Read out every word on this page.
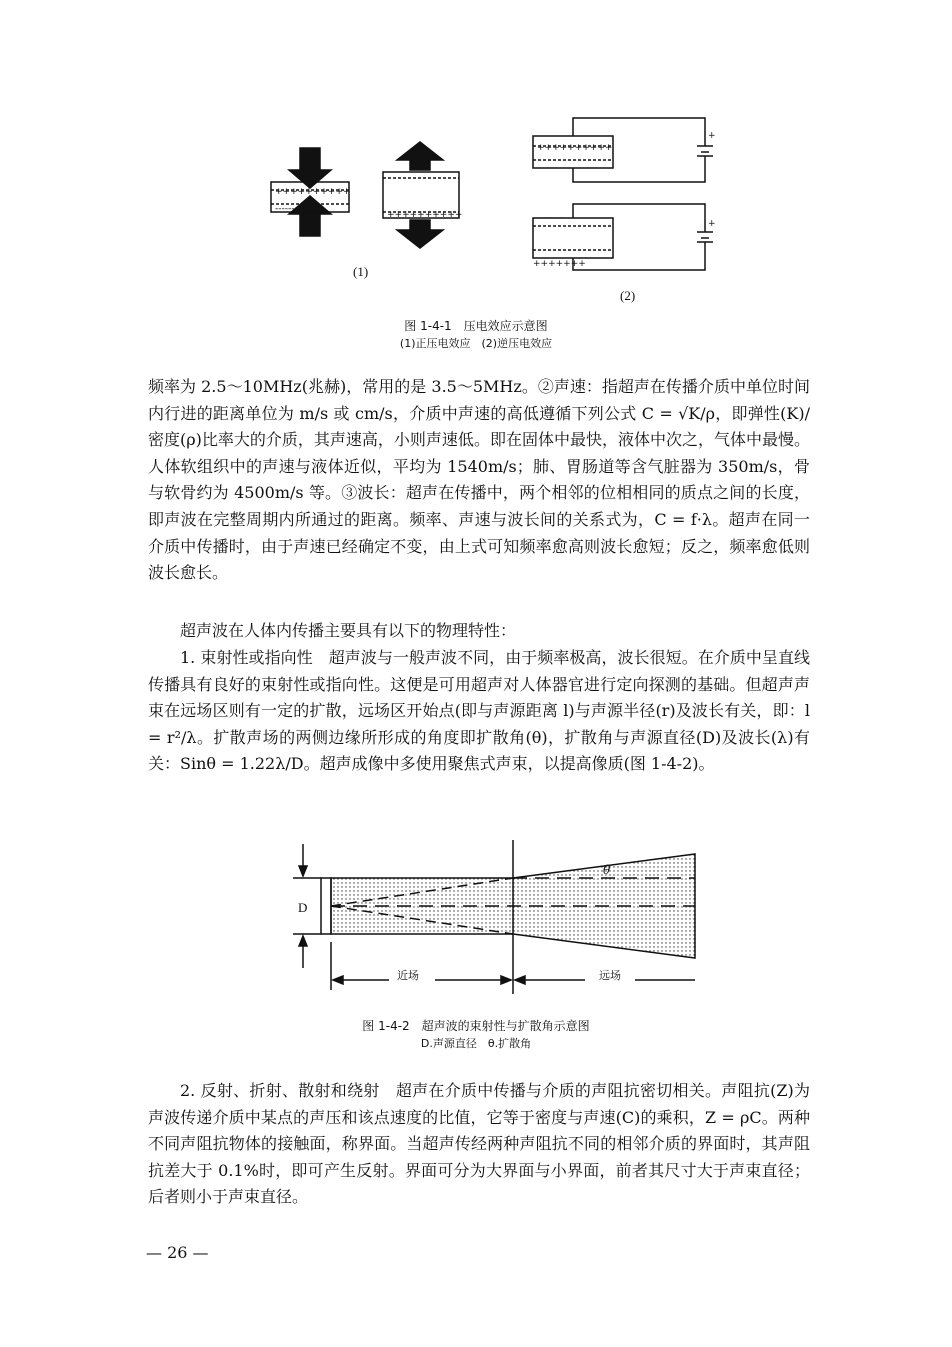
++++++++++
----------
++++++++++
++++++++++
+
----------
+++++++
+
(1)
(2)
图 1-4-1　压电效应示意图
(1)正压电效应　(2)逆压电效应

频率为 2.5～10MHz(兆赫)，常用的是 3.5～5MHz。②声速：指超声在传播介质中单位时间内行进的距离单位为 m/s 或 cm/s，介质中声速的高低遵循下列公式 C = √K/ρ，即弹性(K)/密度(ρ)比率大的介质，其声速高，小则声速低。即在固体中最快，液体中次之，气体中最慢。人体软组织中的声速与液体近似，平均为 1540m/s；肺、胃肠道等含气脏器为 350m/s，骨与软骨约为 4500m/s 等。③波长：超声在传播中，两个相邻的位相相同的质点之间的长度，即声波在完整周期内所通过的距离。频率、声速与波长间的关系式为，C = f·λ。超声在同一介质中传播时，由于声速已经确定不变，由上式可知频率愈高则波长愈短；反之，频率愈低则波长愈长。

超声波在人体内传播主要具有以下的物理特性：

1. 束射性或指向性　超声波与一般声波不同，由于频率极高，波长很短。在介质中呈直线传播具有良好的束射性或指向性。这便是可用超声对人体器官进行定向探测的基础。但超声声束在远场区则有一定的扩散，远场区开始点(即与声源距离 l)与声源半径(r)及波长有关，即：l = r²/λ。扩散声场的两侧边缘所形成的角度即扩散角(θ)，扩散角与声源直径(D)及波长(λ)有关：Sinθ = 1.22λ/D。超声成像中多使用聚焦式声束，以提高像质(图 1-4-2)。

θ
D
近场	远场
图 1-4-2　超声波的束射性与扩散角示意图
D.声源直径　θ.扩散角

2. 反射、折射、散射和绕射　超声在介质中传播与介质的声阻抗密切相关。声阻抗(Z)为声波传递介质中某点的声压和该点速度的比值，它等于密度与声速(C)的乘积，Z = ρC。两种不同声阻抗物体的接触面，称界面。当超声传经两种声阻抗不同的相邻介质的界面时，其声阻抗差大于 0.1%时，即可产生反射。界面可分为大界面与小界面，前者其尺寸大于声束直径；后者则小于声束直径。

— 26 —
